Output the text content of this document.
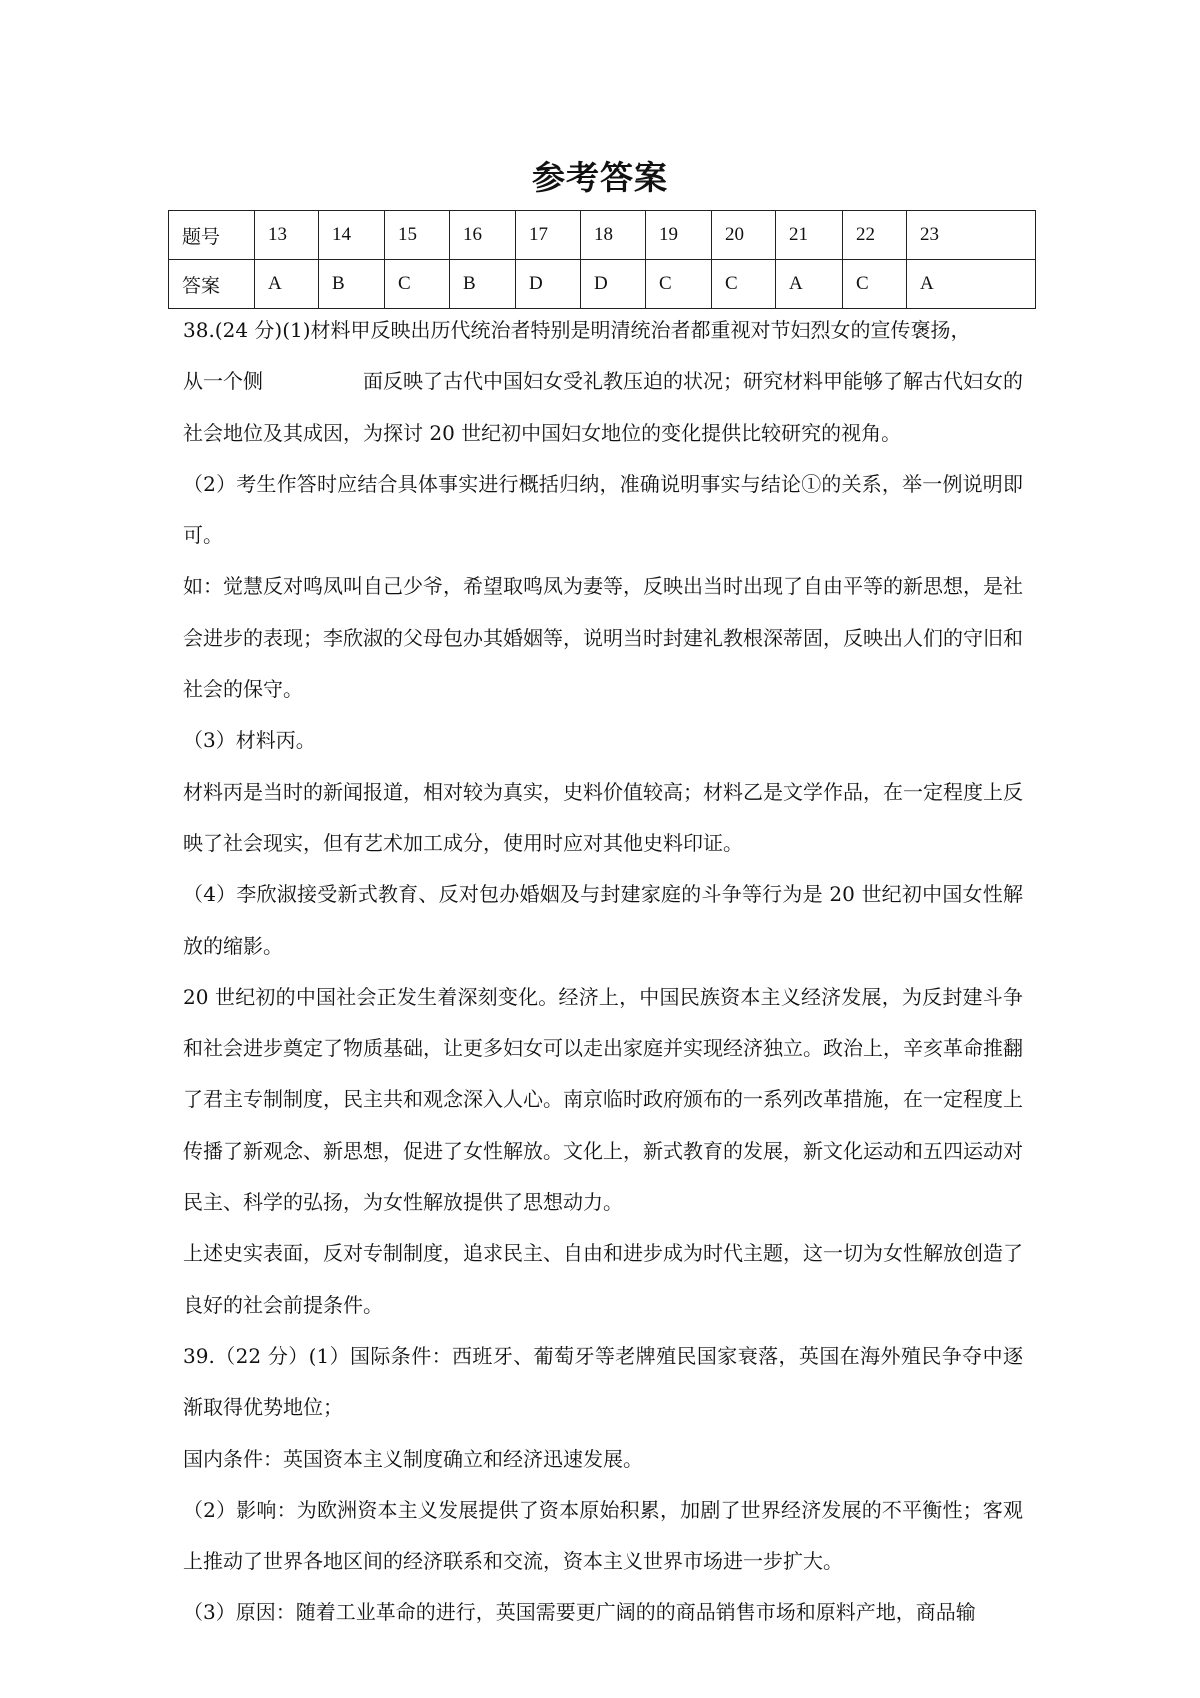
参考答案
题号	13	14	15	16	17	18	19	20	21	22	23
答案	A	B	C	B	D	D	C	C	A	C	A

38.(24 分)(1)材料甲反映出历代统治者特别是明清统治者都重视对节妇烈女的宣传褒扬，

从一个侧	面反映了古代中国妇女受礼教压迫的状况；研究材料甲能够了解古代妇女的社会地位及其成因，为探讨 20 世纪初中国妇女地位的变化提供比较研究的视角。

（2）考生作答时应结合具体事实进行概括归纳，准确说明事实与结论①的关系，举一例说明即可。

如：觉慧反对鸣凤叫自己少爷，希望取鸣凤为妻等，反映出当时出现了自由平等的新思想，是社会进步的表现；李欣淑的父母包办其婚姻等，说明当时封建礼教根深蒂固，反映出人们的守旧和社会的保守。

（3）材料丙。

材料丙是当时的新闻报道，相对较为真实，史料价值较高；材料乙是文学作品，在一定程度上反映了社会现实，但有艺术加工成分，使用时应对其他史料印证。

（4）李欣淑接受新式教育、反对包办婚姻及与封建家庭的斗争等行为是 20 世纪初中国女性解放的缩影。

20 世纪初的中国社会正发生着深刻变化。经济上，中国民族资本主义经济发展，为反封建斗争和社会进步奠定了物质基础，让更多妇女可以走出家庭并实现经济独立。政治上，辛亥革命推翻了君主专制制度，民主共和观念深入人心。南京临时政府颁布的一系列改革措施，在一定程度上传播了新观念、新思想，促进了女性解放。文化上，新式教育的发展，新文化运动和五四运动对民主、科学的弘扬，为女性解放提供了思想动力。

上述史实表面，反对专制制度，追求民主、自由和进步成为时代主题，这一切为女性解放创造了良好的社会前提条件。

39.（22 分）(1）国际条件：西班牙、葡萄牙等老牌殖民国家衰落，英国在海外殖民争夺中逐渐取得优势地位；

国内条件：英国资本主义制度确立和经济迅速发展。

（2）影响：为欧洲资本主义发展提供了资本原始积累，加剧了世界经济发展的不平衡性；客观上推动了世界各地区间的经济联系和交流，资本主义世界市场进一步扩大。

（3）原因：随着工业革命的进行，英国需要更广阔的的商品销售市场和原料产地，商品输
